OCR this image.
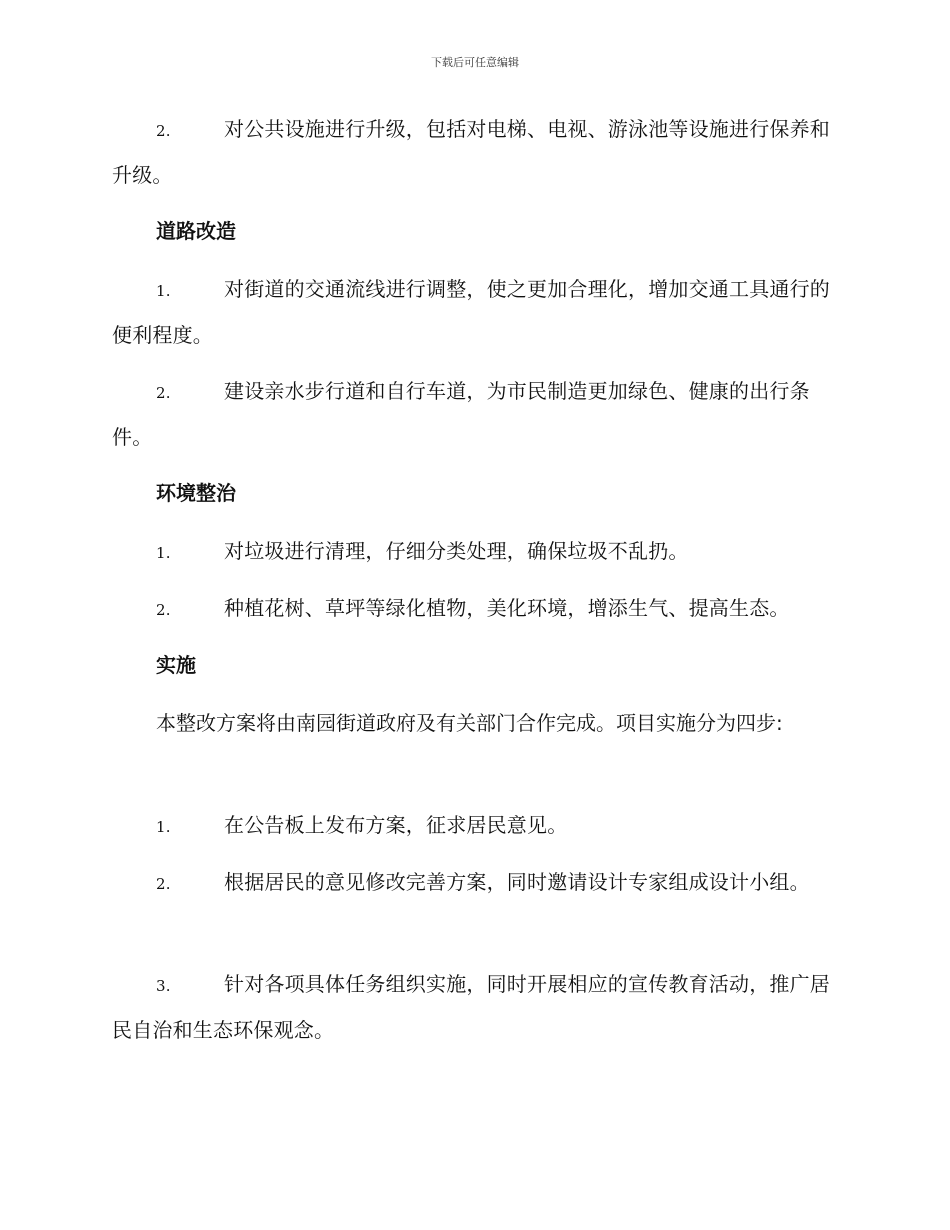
下载后可任意编辑
2.	对公共设施进行升级，包括对电梯、电视、游泳池等设施进行保养和升级。
道路改造
1.	对街道的交通流线进行调整，使之更加合理化，增加交通工具通行的便利程度。
2.	建设亲水步行道和自行车道，为市民制造更加绿色、健康的出行条件。
环境整治
1.	对垃圾进行清理，仔细分类处理，确保垃圾不乱扔。
2.	种植花树、草坪等绿化植物，美化环境，增添生气、提高生态。
实施
本整改方案将由南园街道政府及有关部门合作完成。项目实施分为四步:
1.	在公告板上发布方案，征求居民意见。
2.	根据居民的意见修改完善方案，同时邀请设计专家组成设计小组。
3.	针对各项具体任务组织实施，同时开展相应的宣传教育活动，推广居民自治和生态环保观念。
